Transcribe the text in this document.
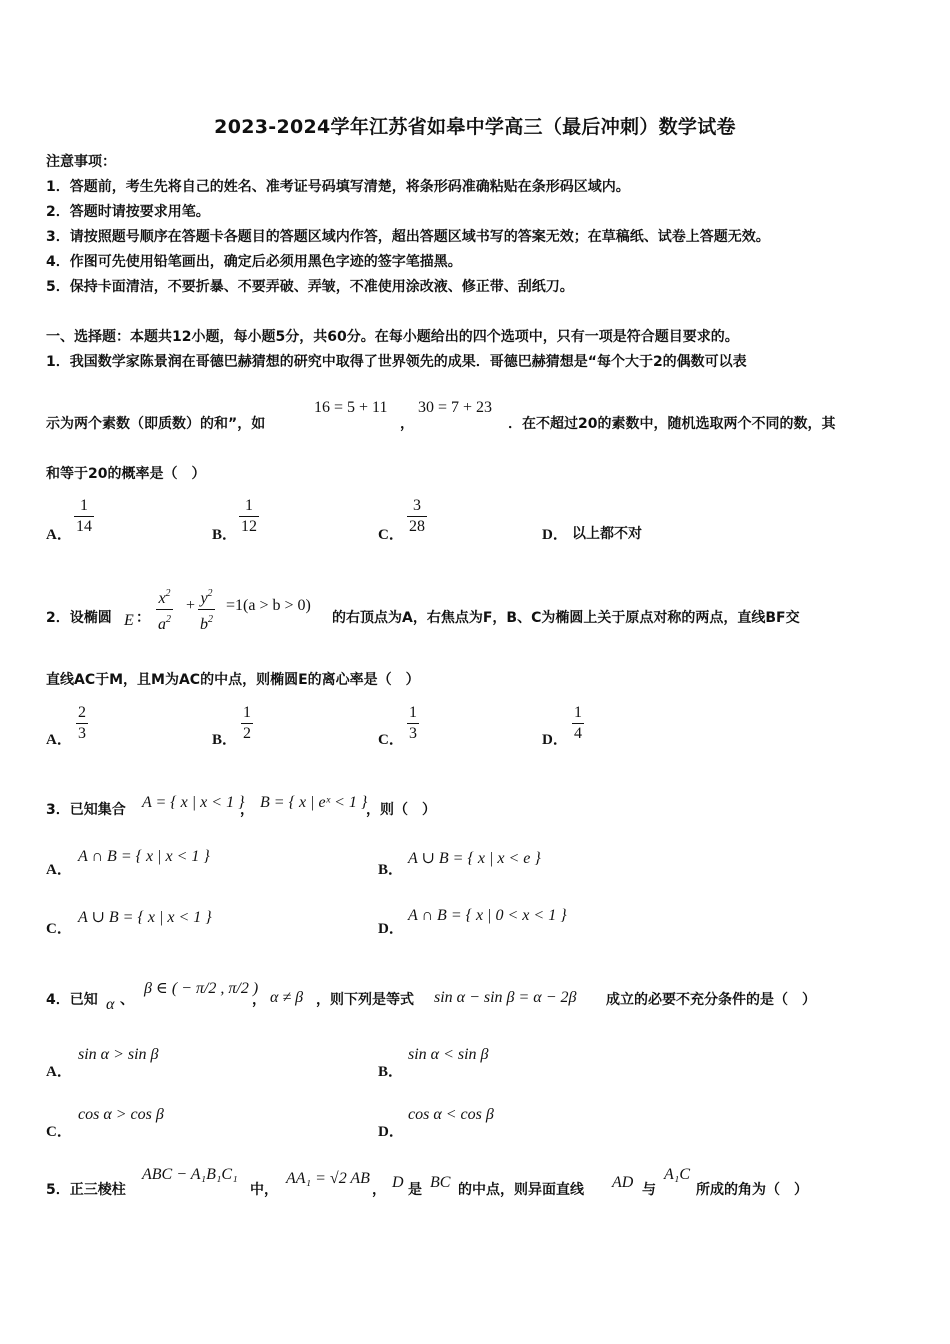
2023-2024学年江苏省如皋中学高三（最后冲刺）数学试卷
注意事项：
1．答题前，考生先将自己的姓名、准考证号码填写清楚，将条形码准确粘贴在条形码区域内。
2．答题时请按要求用笔。
3．请按照题号顺序在答题卡各题目的答题区域内作答，超出答题区域书写的答案无效；在草稿纸、试卷上答题无效。
4．作图可先使用铅笔画出，确定后必须用黑色字迹的签字笔描黑。
5．保持卡面清洁，不要折暴、不要弄破、弄皱，不准使用涂改液、修正带、刮纸刀。
一、选择题：本题共12小题，每小题5分，共60分。在每小题给出的四个选项中，只有一项是符合题目要求的。
1．我国数学家陈景润在哥德巴赫猜想的研究中取得了世界领先的成果．哥德巴赫猜想是“每个大于2的偶数可以表
示为两个素数（即质数）的和”，如
16 = 5 + 11
，
30 = 7 + 23
．在不超过20的素数中，随机选取两个不同的数，其
和等于20的概率是（　）
A． $\frac{1}{14}$	B． $\frac{1}{12}$	C． $\frac{3}{28}$	D． 以上都不对
2．设椭圆 E ： $\frac{x^2}{a^2} + \frac{y^2}{b^2} =1(a > b > 0)$
的右顶点为A，右焦点为F，B、C为椭圆上关于原点对称的两点，直线BF交
直线AC于M，且M为AC的中点，则椭圆E的离心率是（　）
A． $\frac{2}{3}$	B． $\frac{1}{2}$	C． $\frac{1}{3}$	D． $\frac{1}{4}$
3．已知集合 A = { x | x < 1 }
， B = { x | eˣ < 1 }
，则（　）
A．
A ∩ B = { x | x < 1 }
B．
A ∪ B = { x | x < e }
C．
A ∪ B = { x | x < 1 }
D．
A ∩ B = { x | 0 < x < 1 }
4．已知 α 、
β ∈ ( − π/2 , π/2 )
， α ≠ β ，则下列是等式 sin α − sin β = α − 2β 成立的必要不充分条件的是（　）
A．
sin α > sin β
B．
sin α < sin β
C．
cos α > cos β
D．
cos α < cos β
5．正三棱柱
ABC − A₁B₁C₁
中，
AA₁ = √2 AB
， D 是 BC 的中点，则异面直线 AD 与
A₁C
所成的角为（　）
